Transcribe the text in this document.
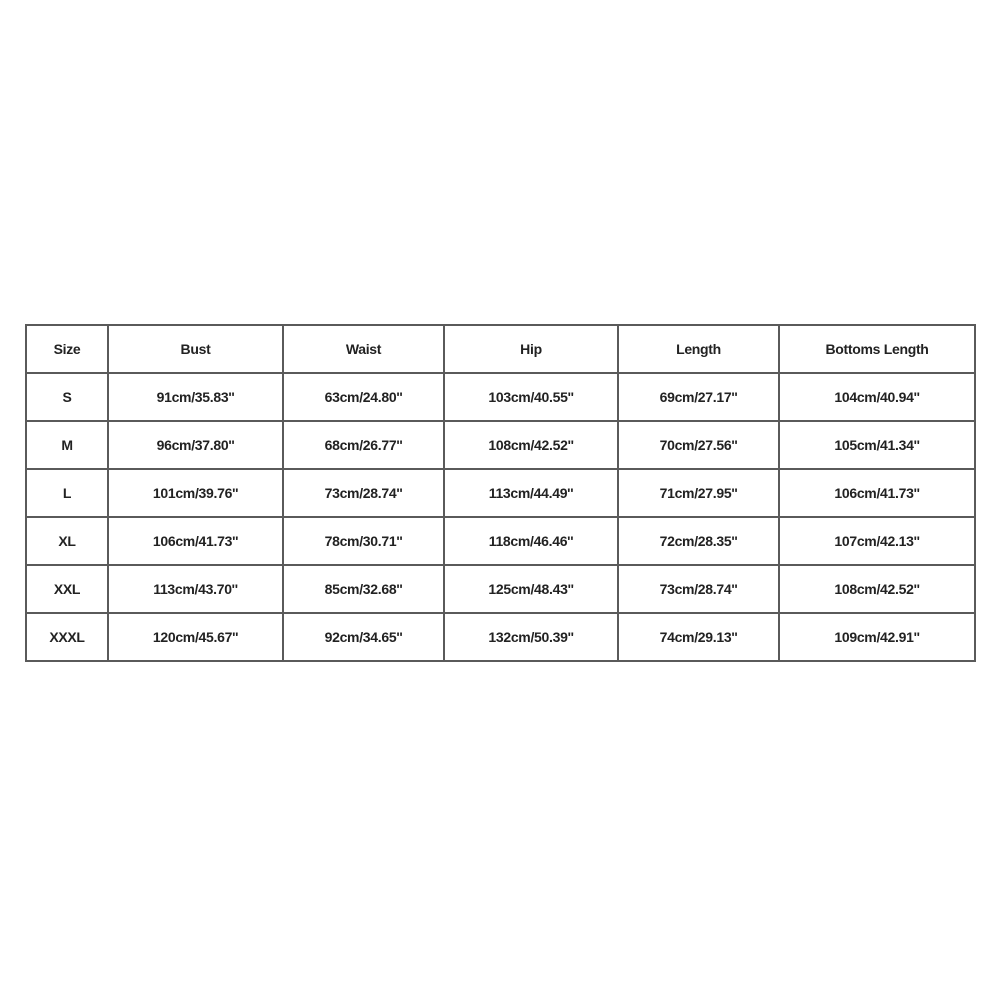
Size	Bust	Waist	Hip	Length	Bottoms Length
S	91cm/35.83''	63cm/24.80''	103cm/40.55''	69cm/27.17''	104cm/40.94''
M	96cm/37.80''	68cm/26.77''	108cm/42.52''	70cm/27.56''	105cm/41.34''
L	101cm/39.76''	73cm/28.74''	113cm/44.49''	71cm/27.95''	106cm/41.73''
XL	106cm/41.73''	78cm/30.71''	118cm/46.46''	72cm/28.35''	107cm/42.13''
XXL	113cm/43.70''	85cm/32.68''	125cm/48.43''	73cm/28.74''	108cm/42.52''
XXXL	120cm/45.67''	92cm/34.65''	132cm/50.39''	74cm/29.13''	109cm/42.91''
